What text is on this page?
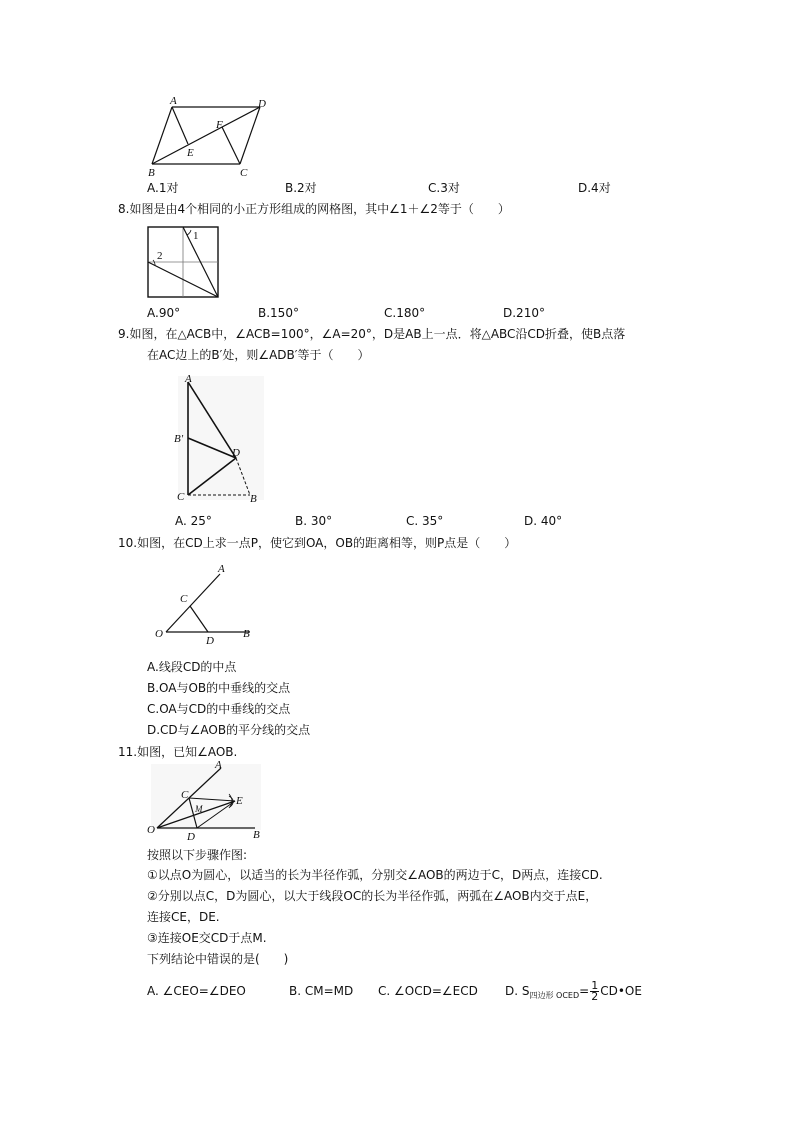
A	D
F
E
B	C
A.1对	B.2对	C.3对	D.4对
8.如图是由4个相同的小正方形组成的网格图，其中∠1＋∠2等于（　　）
1
2
A.90°	B.150°	C.180°	D.210°
9.如图，在△ACB中，∠ACB=100°，∠A=20°，D是AB上一点．将△ABC沿CD折叠，使B点落
在AC边上的B′处，则∠ADB′等于（　　）
A
B'
D
C	B
A. 25°	B. 30°	C. 35°	D. 40°
10.如图，在CD上求一点P，使它到OA，OB的距离相等，则P点是（　　）
A
C
O
D
B
A.线段CD的中点
B.OA与OB的中垂线的交点
C.OA与CD的中垂线的交点
D.CD与∠AOB的平分线的交点
11.如图，已知∠AOB.
A
C
M
E
O
D	B
按照以下步骤作图:
①以点O为圆心，以适当的长为半径作弧，分别交∠AOB的两边于C，D两点，连接CD.
②分别以点C，D为圆心，以大于线段OC的长为半径作弧，两弧在∠AOB内交于点E，
连接CE，DE.
③连接OE交CD于点M.
下列结论中错误的是(　　)
A. ∠CEO=∠DEO	B. CM=MD C. ∠OCD=∠ECD D. $S_{四边形 OCED}= \frac{1}{2}$ CD•OE
